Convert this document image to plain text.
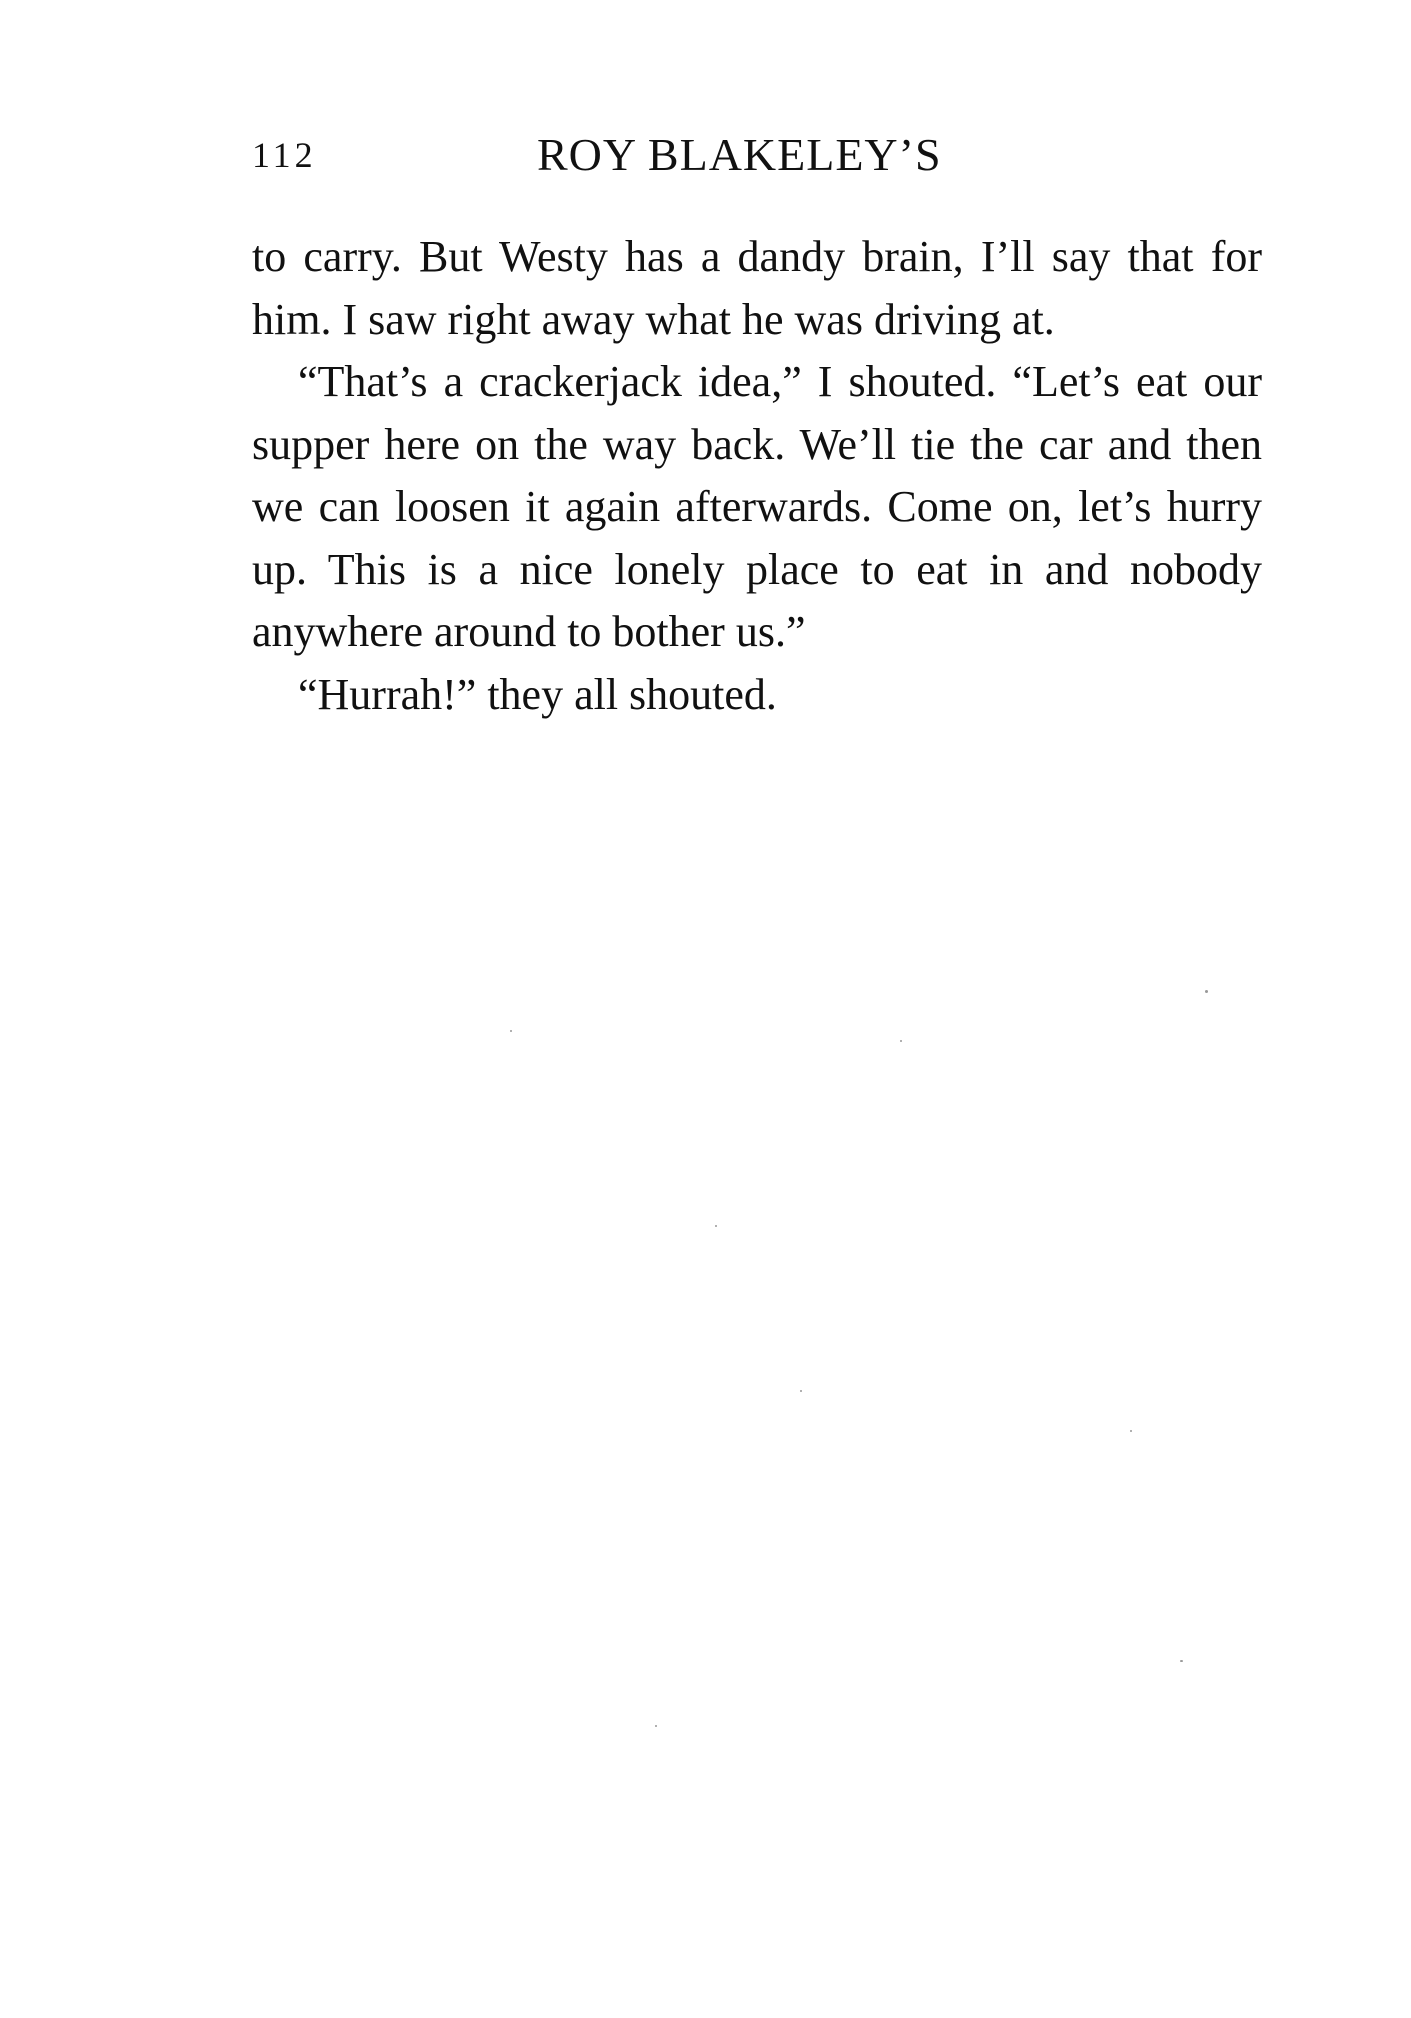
112	ROY BLAKELEY’S

to carry. But Westy has a dandy brain, I’ll say that for him. I saw right away what he was driving at.

“That’s a crackerjack idea,” I shouted. “Let’s eat our supper here on the way back. We’ll tie the car and then we can loosen it again afterwards. Come on, let’s hurry up. This is a nice lonely place to eat in and nobody anywhere around to bother us.”

“Hurrah!” they all shouted.
